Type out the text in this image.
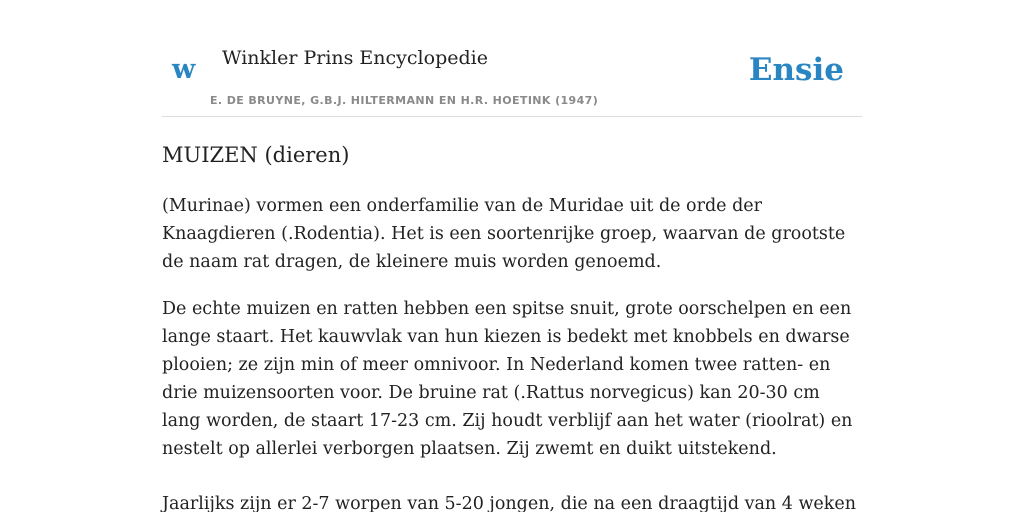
w Winkler Prins Encyclopedie
E. DE BRUYNE, G.B.J. HILTERMANN EN H.R. HOETINK (1947)
Ensie
MUIZEN (dieren)

(Murinae) vormen een onderfamilie van de Muridae uit de orde der Knaagdieren (.Rodentia). Het is een soortenrijke groep, waarvan de grootste de naam rat dragen, de kleinere muis worden genoemd.

De echte muizen en ratten hebben een spitse snuit, grote oorschelpen en een lange staart. Het kauwvlak van hun kiezen is bedekt met knobbels en dwarse plooien; ze zijn min of meer omnivoor. In Nederland komen twee ratten- en drie muizensoorten voor. De bruine rat (.Rattus norvegicus) kan 20-30 cm lang worden, de staart 17-23 cm. Zij houdt verblijf aan het water (rioolrat) en nestelt op allerlei verborgen plaatsen. Zij zwemt en duikt uitstekend.

Jaarlijks zijn er 2-7 worpen van 5-20 jongen, die na een draagtijd van 4 weken
